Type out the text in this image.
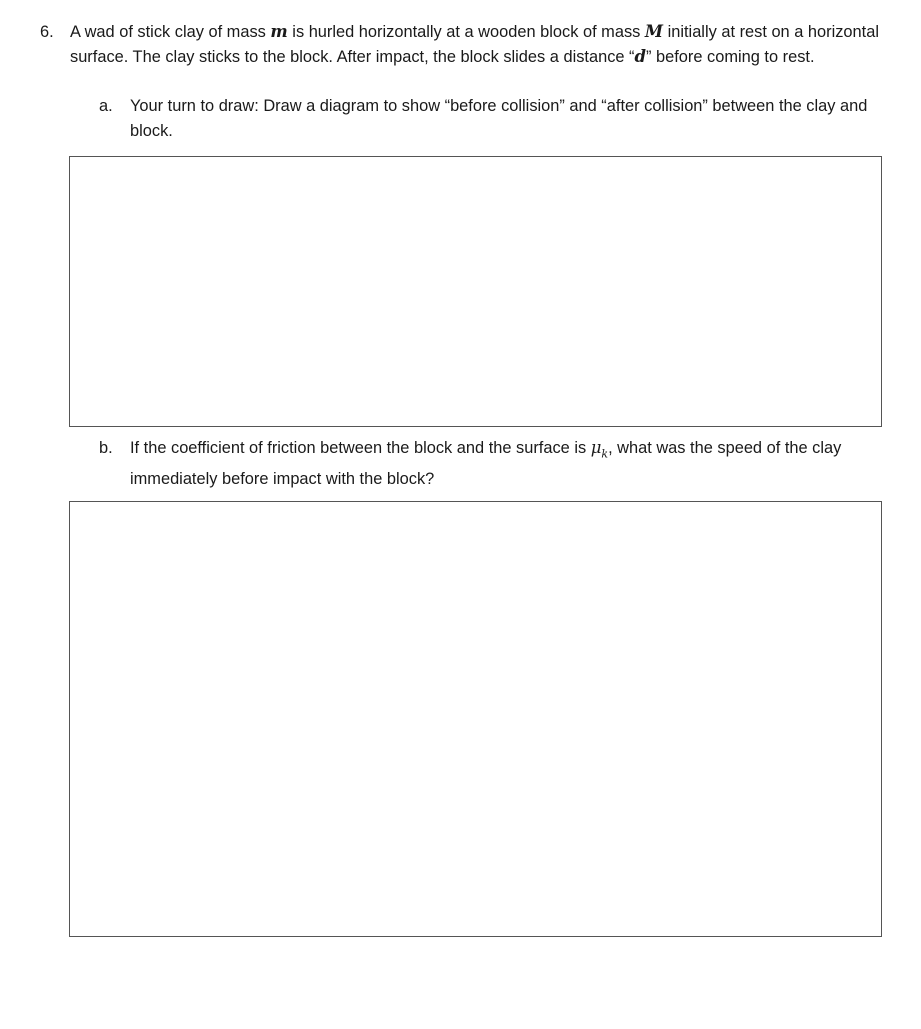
6. A wad of stick clay of mass m is hurled horizontally at a wooden block of mass M initially at rest on a horizontal surface. The clay sticks to the block. After impact, the block slides a distance “d” before coming to rest.
a. Your turn to draw: Draw a diagram to show “before collision” and “after collision” between the clay and block.
b. If the coefficient of friction between the block and the surface is $\mu_k$, what was the speed of the clay immediately before impact with the block?
